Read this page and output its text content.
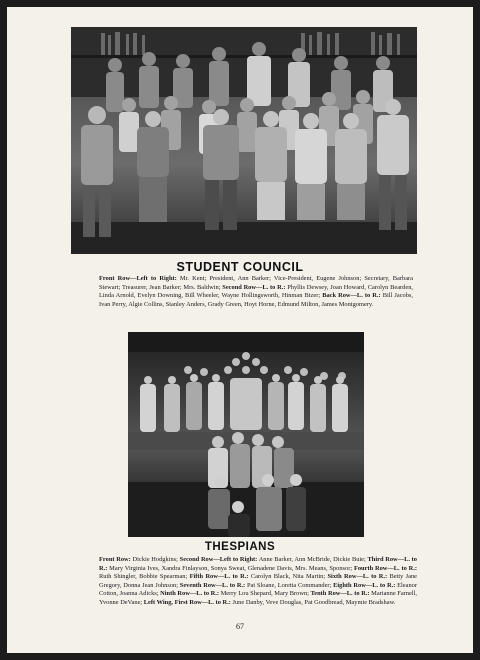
STUDENT COUNCIL
Front Row—Left to Right: Mr. Kent; President, Ann Barker; Vice-President, Eugene Johnson; Secretary, Barbara Stewart; Treasurer, Jean Barker; Mrs. Baldwin; Second Row—L. to R.: Phyllis Dewsey, Joan Howard, Carolyn Bearden, Linda Arnold, Evelyn Downing, Bill Wheeler, Wayne Hollingsworth, Hinman Bizer; Back Row—L. to R.: Bill Jacobs, Ivan Perry, Algie Collins, Stanley Anders, Grady Green, Hoyt Horne, Edmund Milton, James Montgomery.
THESPIANS
Front Row: Dickie Hodgkins; Second Row—Left to Right: Anne Barker, Ann McBride, Dickie Buie; Third Row—L. to R.: Mary Virginia Ives, Xandra Finlayson, Sonya Sweat, Glenadene Davis, Mrs. Means, Sponsor; Fourth Row—L. to R.: Ruth Shingler, Bobbie Spearman; Fifth Row—L. to R.: Carolyn Black, Nita Martin; Sixth Row—L. to R.: Betty Jane Gregory, Donna Jean Johnson; Seventh Row—L. to R.: Pat Sloane, Loretta Commander; Eighth Row—L. to R.: Eleanor Cotton, Joanna Adicks; Ninth Row—L. to R.: Merry Lou Shepard, Mary Brown; Tenth Row—L. to R.: Marianne Farnell, Yvonne DeVane; Left Wing, First Row—L. to R.: June Danby, Veve Douglas, Pat Goodbread, Maymie Bradshaw.
67
